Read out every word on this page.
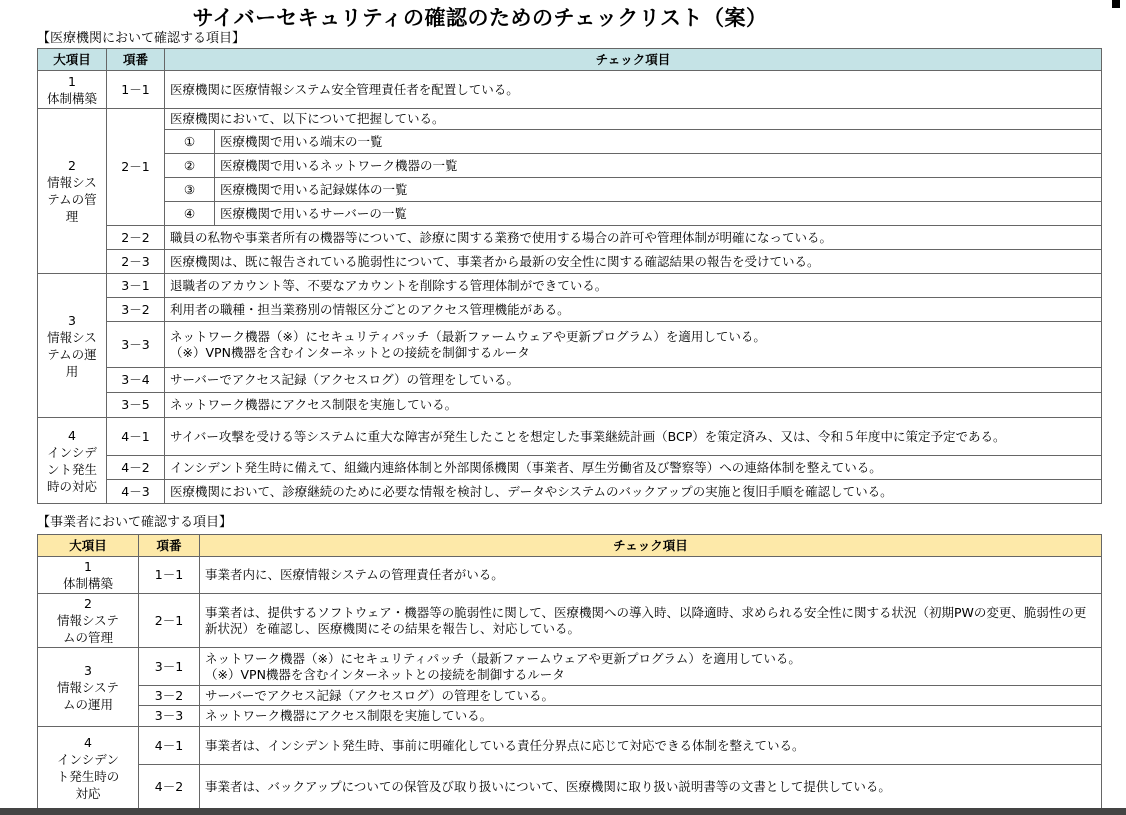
サイバーセキュリティの確認のためのチェックリスト（案）
【医療機関において確認する項目】
大項目	項番	チェック項目	
1
体制構築	1－1	医療機関に医療情報システム安全管理責任者を配置している。	
2
情報シス
テムの管
理	2－1	医療機関において、以下について把握している。	
		①	医療機関で用いる端末の一覧
		②	医療機関で用いるネットワーク機器の一覧
		③	医療機関で用いる記録媒体の一覧
		④	医療機関で用いるサーバーの一覧
	2－2	職員の私物や事業者所有の機器等について、診療に関する業務で使用する場合の許可や管理体制が明確になっている。	
	2－3	医療機関は、既に報告されている脆弱性について、事業者から最新の安全性に関する確認結果の報告を受けている。	
3
情報シス
テムの運
用	3－1	退職者のアカウント等、不要なアカウントを削除する管理体制ができている。	
	3－2	利用者の職種・担当業務別の情報区分ごとのアクセス管理機能がある。	
	3－3	ネットワーク機器（※）にセキュリティパッチ（最新ファームウェアや更新プログラム）を適用している。
（※）VPN機器を含むインターネットとの接続を制御するルータ	
	3－4	サーバーでアクセス記録（アクセスログ）の管理をしている。	
	3－5	ネットワーク機器にアクセス制限を実施している。	

4
インシデ
ント発生
時の対応	4－1	サイバー攻撃を受ける等システムに重大な障害が発生したことを想定した事業継続計画（BCP）を策定済み、又は、令和５年度中に策定予定である。	
	4－2	インシデント発生時に備えて、組織内連絡体制と外部関係機関（事業者、厚生労働省及び警察等）への連絡体制を整えている。	
	4－3	医療機関において、診療継続のために必要な情報を検討し、データやシステムのバックアップの実施と復旧手順を確認している。	
【事業者において確認する項目】
大項目	項番	チェック項目
1
体制構築	1－1	事業者内に、医療情報システムの管理責任者がいる。
2
情報システ
ムの管理	2－1	事業者は、提供するソフトウェア・機器等の脆弱性に関して、医療機関への導入時、以降適時、求められる安全性に関する状況（初期PWの変更、脆弱性の更新状況）を確認し、医療機関にその結果を報告し、対応している。
3
情報システ
ムの運用	3－1	ネットワーク機器（※）にセキュリティパッチ（最新ファームウェアや更新プログラム）を適用している。
（※）VPN機器を含むインターネットとの接続を制御するルータ
	3－2	サーバーでアクセス記録（アクセスログ）の管理をしている。
	3－3	ネットワーク機器にアクセス制限を実施している。
4
インシデン
ト発生時の
対応	4－1	事業者は、インシデント発生時、事前に明確化している責任分界点に応じて対応できる体制を整えている。
	4－2	事業者は、バックアップについての保管及び取り扱いについて、医療機関に取り扱い説明書等の文書として提供している。
